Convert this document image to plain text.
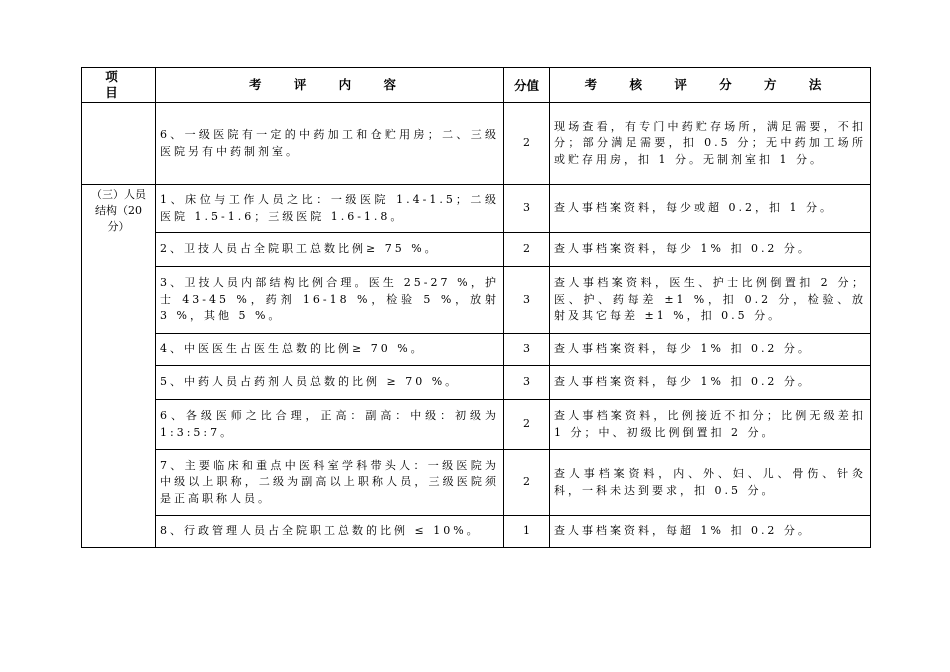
项 目	考 评 内 容	分值	考 核 评 分 方 法
	6、一级医院有一定的中药加工和仓贮用房；二、三级医院另有中药制剂室。	2	现场查看，有专门中药贮存场所，满足需要，不扣分；部分满足需要，扣 0.5 分；无中药加工场所或贮存用房，扣 1 分。无制剂室扣 1 分。
（三）人员结构（20 分）	1、床位与工作人员之比：一级医院 1.4-1.5；二级医院 1.5-1.6；三级医院 1.6-1.8。	3	查人事档案资料，每少或超 0.2，扣 1 分。
	2、卫技人员占全院职工总数比例≥ 75 %。	2	查人事档案资料，每少 1% 扣 0.2 分。
	3、卫技人员内部结构比例合理。医生 25-27 %，护士 43-45 %，药剂 16-18 %，检验 5 %，放射 3 %，其他 5 %。	3	查人事档案资料，医生、护士比例倒置扣 2 分；医、护、药每差 ±1 %，扣 0.2 分，检验、放射及其它每差 ±1 %，扣 0.5 分。
	4、中医医生占医生总数的比例≥ 70 %。	3	查人事档案资料，每少 1% 扣 0.2 分。
	5、中药人员占药剂人员总数的比例 ≥ 70 %。	3	查人事档案资料，每少 1% 扣 0.2 分。
	6、各级医师之比合理，正高：副高：中级：初级为 1:3:5:7。	2	查人事档案资料，比例接近不扣分；比例无级差扣 1 分；中、初级比例倒置扣 2 分。
	7、主要临床和重点中医科室学科带头人：一级医院为中级以上职称，二级为副高以上职称人员，三级医院须是正高职称人员。	2	查人事档案资料，内、外、妇、儿、骨伤、针灸科，一科未达到要求，扣 0.5 分。
	8、行政管理人员占全院职工总数的比例 ≤ 10%。	1	查人事档案资料，每超 1% 扣 0.2 分。
